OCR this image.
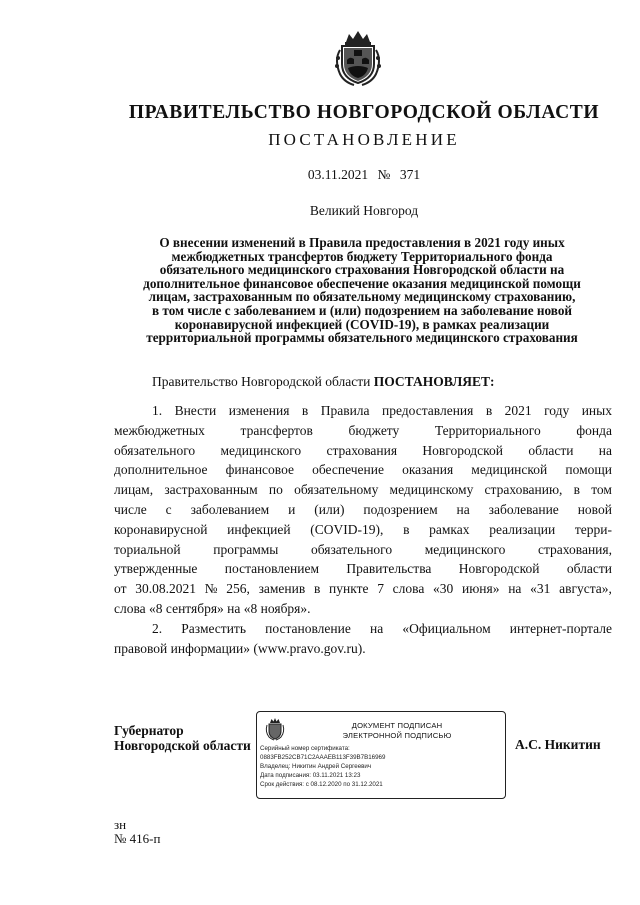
ПРАВИТЕЛЬСТВО НОВГОРОДСКОЙ ОБЛАСТИ
ПОСТАНОВЛЕНИЕ
03.11.2021 № 371
Великий Новгород
О внесении изменений в Правила предоставления в 2021 году иных
межбюджетных трансфертов бюджету Территориального фонда
обязательного медицинского страхования Новгородской области на
дополнительное финансовое обеспечение оказания медицинской помощи
лицам, застрахованным по обязательному медицинскому страхованию,
в том числе с заболеванием и (или) подозрением на заболевание новой
коронавирусной инфекцией (COVID-19), в рамках реализации
территориальной программы обязательного медицинского страхования
Правительство Новгородской области ПОСТАНОВЛЯЕТ:
1. Внести изменения в Правила предоставления в 2021 году иных
межбюджетных	трансфертов	бюджету	Территориального	фонда
обязательного медицинского страхования Новгородской области на
дополнительное финансовое обеспечение оказания медицинской помощи
лицам, застрахованным по обязательному медицинскому страхованию, в том
числе с заболеванием и (или) подозрением на заболевание новой
коронавирусной инфекцией (COVID-19), в рамках реализации терри-
ториальной программы обязательного медицинского страхования,
утвержденные постановлением Правительства Новгородской области
от 30.08.2021 № 256, заменив в пункте 7 слова «30 июня» на «31 августа»,
слова «8 сентября» на «8 ноября».
2. Разместить постановление на «Официальном интернет-портале
правовой информации» (www.pravo.gov.ru).
Губернатор
Новгородской области
ДОКУМЕНТ ПОДПИСАН
ЭЛЕКТРОННОЙ ПОДПИСЬЮ
Серийный номер сертификата:
0883FB252CB71C2AAAEB113F39B7B16969
Владелец: Никитин Андрей Сергеевич
Дата подписания: 03.11.2021 13:23
Срок действия: с 08.12.2020 по 31.12.2021
А.С. Никитин
зн
№ 416-п
